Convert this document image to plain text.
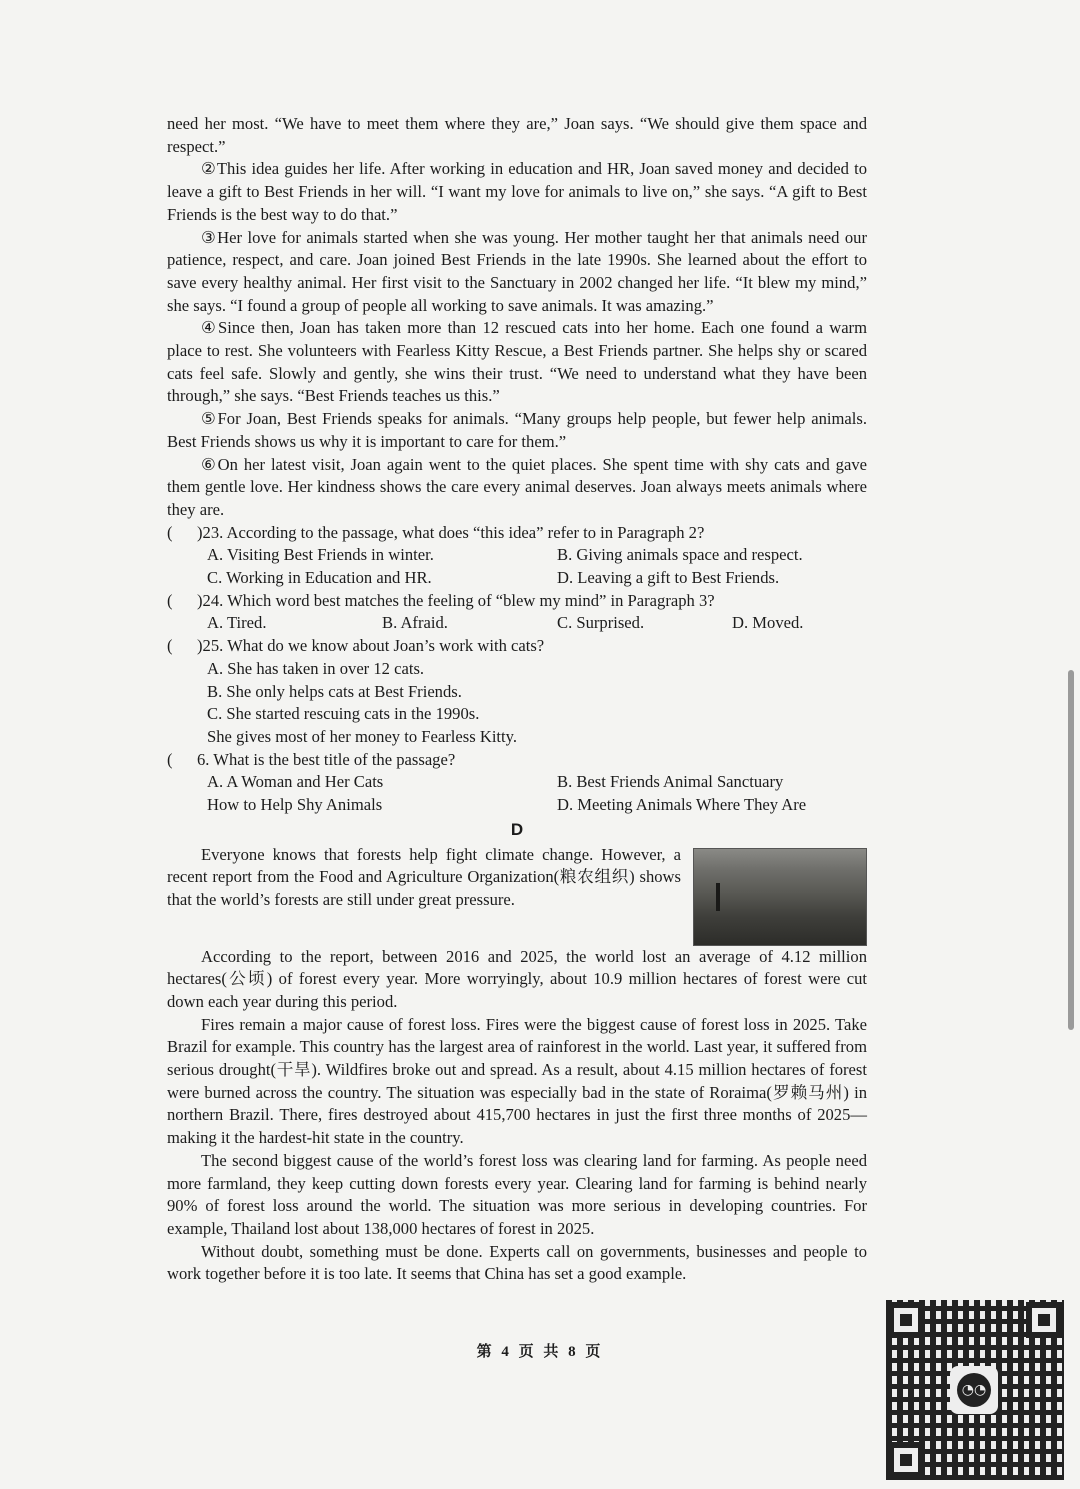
need her most. “We have to meet them where they are,” Joan says. “We should give them space and respect.”

②This idea guides her life. After working in education and HR, Joan saved money and decided to leave a gift to Best Friends in her will. “I want my love for animals to live on,” she says. “A gift to Best Friends is the best way to do that.”

③Her love for animals started when she was young. Her mother taught her that animals need our patience, respect, and care. Joan joined Best Friends in the late 1990s. She learned about the effort to save every healthy animal. Her first visit to the Sanctuary in 2002 changed her life. “It blew my mind,” she says. “I found a group of people all working to save animals. It was amazing.”

④Since then, Joan has taken more than 12 rescued cats into her home. Each one found a warm place to rest. She volunteers with Fearless Kitty Rescue, a Best Friends partner. She helps shy or scared cats feel safe. Slowly and gently, she wins their trust. “We need to understand what they have been through,” she says. “Best Friends teaches us this.”

⑤For Joan, Best Friends speaks for animals. “Many groups help people, but fewer help animals. Best Friends shows us why it is important to care for them.”

⑥On her latest visit, Joan again went to the quiet places. She spent time with shy cats and gave them gentle love. Her kindness shows the care every animal deserves. Joan always meets animals where they are.

( )23. According to the passage, what does “this idea” refer to in Paragraph 2?

A. Visiting Best Friends in winter.	B. Giving animals space and respect.
C. Working in Education and HR.	D. Leaving a gift to Best Friends.

( )24. Which word best matches the feeling of “blew my mind” in Paragraph 3?

A. Tired.	B. Afraid.	C. Surprised.	D. Moved.

( )25. What do we know about Joan’s work with cats?

A. She has taken in over 12 cats.

B. She only helps cats at Best Friends.

C. She started rescuing cats in the 1990s.

She gives most of her money to Fearless Kitty.

( 6. What is the best title of the passage?

A. A Woman and Her Cats	B. Best Friends Animal Sanctuary
How to Help Shy Animals	D. Meeting Animals Where They Are
D

Everyone knows that forests help fight climate change. However, a recent report from the Food and Agriculture Organization(粮农组织) shows that the world’s forests are still under great pressure.

According to the report, between 2016 and 2025, the world lost an average of 4.12 million hectares(公顷) of forest every year. More worryingly, about 10.9 million hectares of forest were cut down each year during this period.

Fires remain a major cause of forest loss. Fires were the biggest cause of forest loss in 2025. Take Brazil for example. This country has the largest area of rainforest in the world. Last year, it suffered from serious drought(干旱). Wildfires broke out and spread. As a result, about 4.15 million hectares of forest were burned across the country. The situation was especially bad in the state of Roraima(罗赖马州) in northern Brazil. There, fires destroyed about 415,700 hectares in just the first three months of 2025—making it the hardest-hit state in the country.

The second biggest cause of the world’s forest loss was clearing land for farming. As people need more farmland, they keep cutting down forests every year. Clearing land for farming is behind nearly 90% of forest loss around the world. The situation was more serious in developing countries. For example, Thailand lost about 138,000 hectares of forest in 2025.

Without doubt, something must be done. Experts call on governments, businesses and people to work together before it is too late. It seems that China has set a good example.

第 4 页 共 8 页
◔◔
